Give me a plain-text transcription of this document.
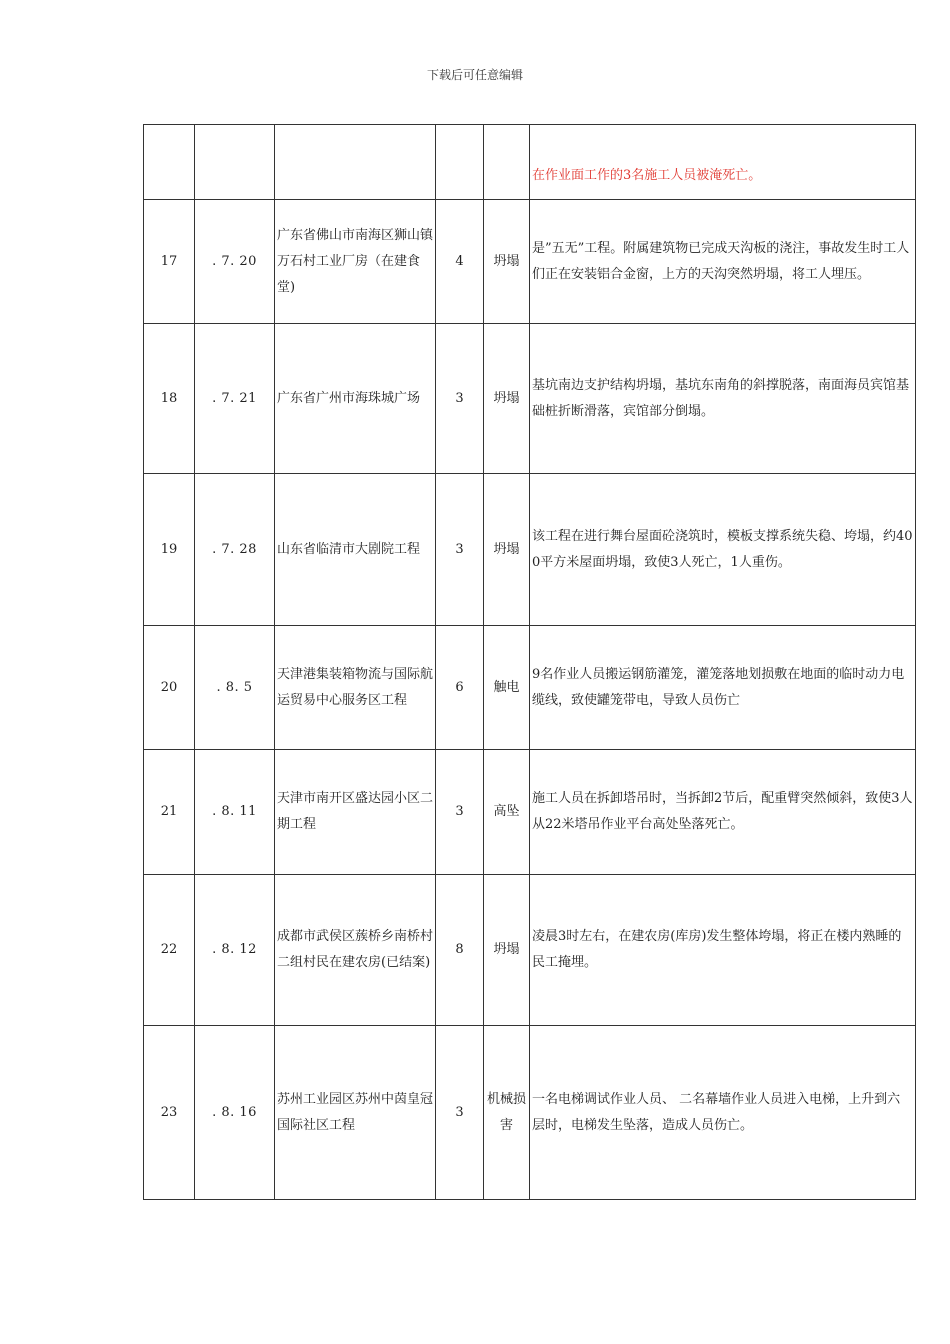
下载后可任意编辑
					在作业面工作的3名施工人员被淹死亡。
17	. 7. 20	广东省佛山市南海区狮山镇万石村工业厂房（在建食堂)	4	坍塌	是”五无”工程。附属建筑物已完成天沟板的浇注，事故发生时工人们正在安装铝合金窗，上方的天沟突然坍塌，将工人埋压。
18	. 7. 21	广东省广州市海珠城广场	3	坍塌	基坑南边支护结构坍塌，基坑东南角的斜撑脱落，南面海员宾馆基础桩折断滑落，宾馆部分倒塌。
19	. 7. 28	山东省临清市大剧院工程	3	坍塌	该工程在进行舞台屋面砼浇筑时，模板支撑系统失稳、垮塌，约400平方米屋面坍塌，致使3人死亡，1人重伤。
20	. 8. 5	天津港集装箱物流与国际航运贸易中心服务区工程	6	触电	9名作业人员搬运钢筋灌笼，灌笼落地划损敷在地面的临时动力电缆线，致使罐笼带电，导致人员伤亡
21	. 8. 11	天津市南开区盛达园小区二期工程	3	高坠	施工人员在拆卸塔吊时，当拆卸2节后，配重臂突然倾斜，致使3人从22米塔吊作业平台高处坠落死亡。
22	. 8. 12	成都市武侯区蔟桥乡南桥村二组村民在建农房(已结案)	8	坍塌	凌晨3时左右，在建农房(库房)发生整体垮塌，将正在楼内熟睡的民工掩埋。
23	. 8. 16	苏州工业园区苏州中茵皇冠国际社区工程	3	机械损害	一名电梯调试作业人员、 二名幕墙作业人员进入电梯，上升到六层时，电梯发生坠落，造成人员伤亡。
